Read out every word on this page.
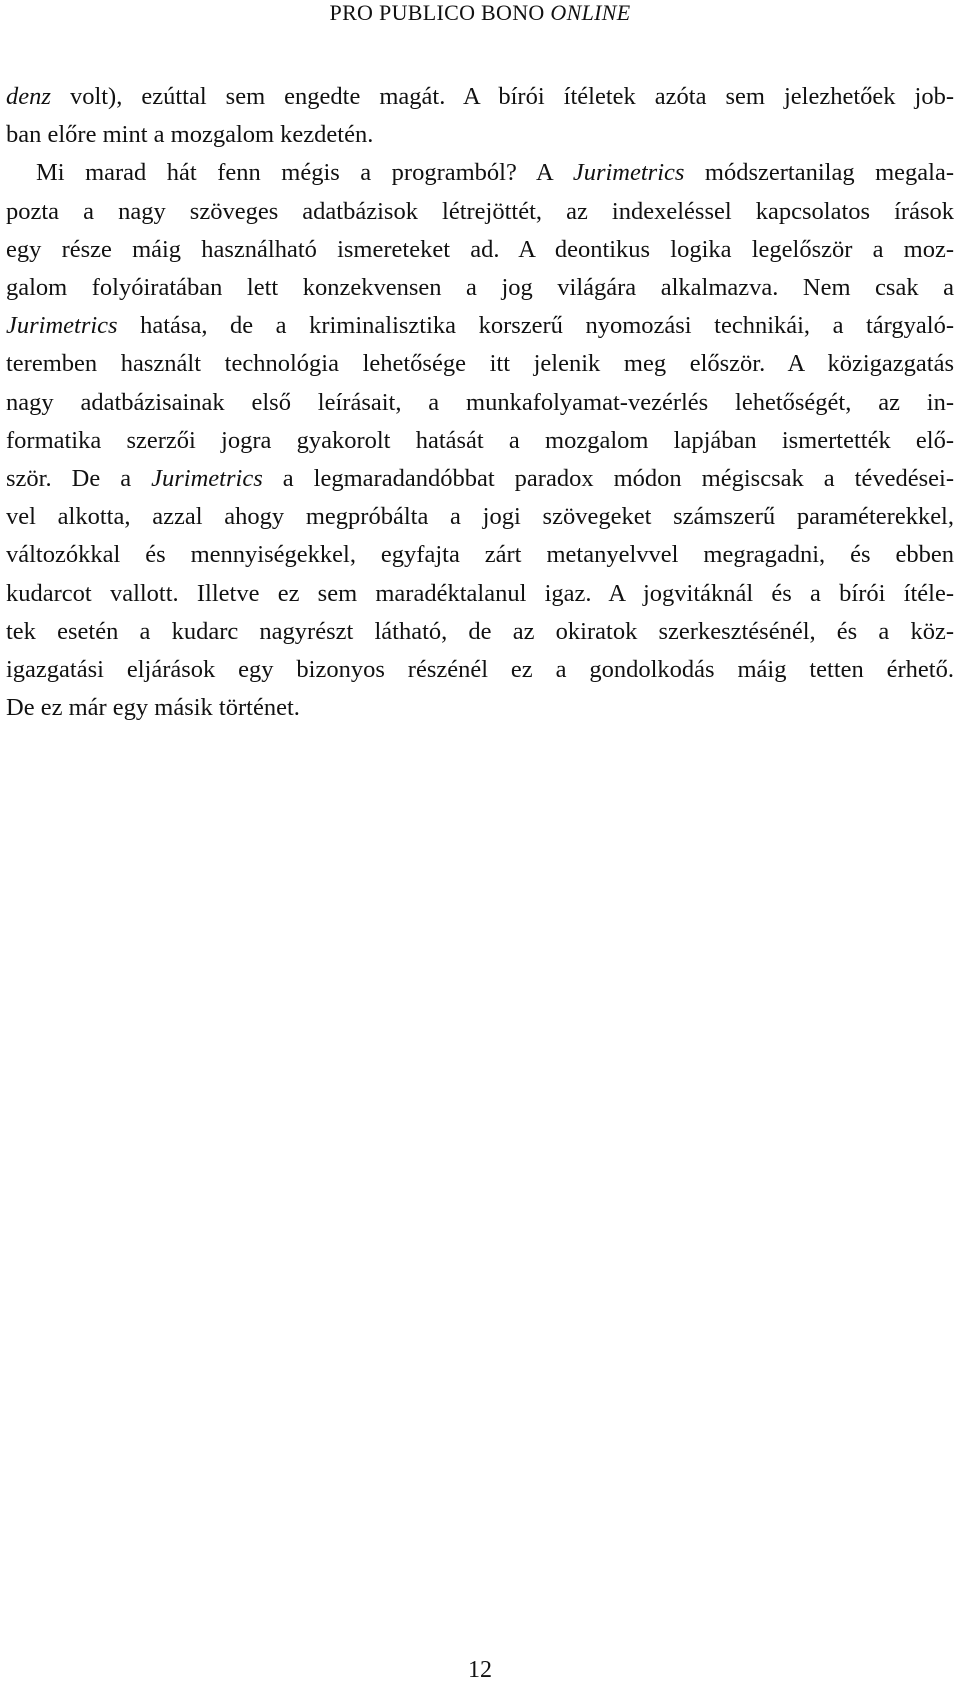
PRO PUBLICO BONO ONLINE
denz volt), ezúttal sem engedte magát. A bírói ítéletek azóta sem jelezhetőek job-
ban előre mint a mozgalom kezdetén.
Mi marad hát fenn mégis a programból? A Jurimetrics módszertanilag megala-
pozta a nagy szöveges adatbázisok létrejöttét, az indexeléssel kapcsolatos írások
egy része máig használható ismereteket ad. A deontikus logika legelőször a moz-
galom folyóiratában lett konzekvensen a jog világára alkalmazva. Nem csak a
Jurimetrics hatása, de a kriminalisztika korszerű nyomozási technikái, a tárgyaló-
teremben használt technológia lehetősége itt jelenik meg először. A közigazgatás
nagy adatbázisainak első leírásait, a munkafolyamat-vezérlés lehetőségét, az in-
formatika szerzői jogra gyakorolt hatását a mozgalom lapjában ismertették elő-
ször. De a Jurimetrics a legmaradandóbbat paradox módon mégiscsak a tévedései-
vel alkotta, azzal ahogy megpróbálta a jogi szövegeket számszerű paraméterekkel,
változókkal és mennyiségekkel, egyfajta zárt metanyelvvel megragadni, és ebben
kudarcot vallott. Illetve ez sem maradéktalanul igaz. A jogvitáknál és a bírói ítéle-
tek esetén a kudarc nagyrészt látható, de az okiratok szerkesztésénél, és a köz-
igazgatási eljárások egy bizonyos részénél ez a gondolkodás máig tetten érhető.
De ez már egy másik történet.
12
